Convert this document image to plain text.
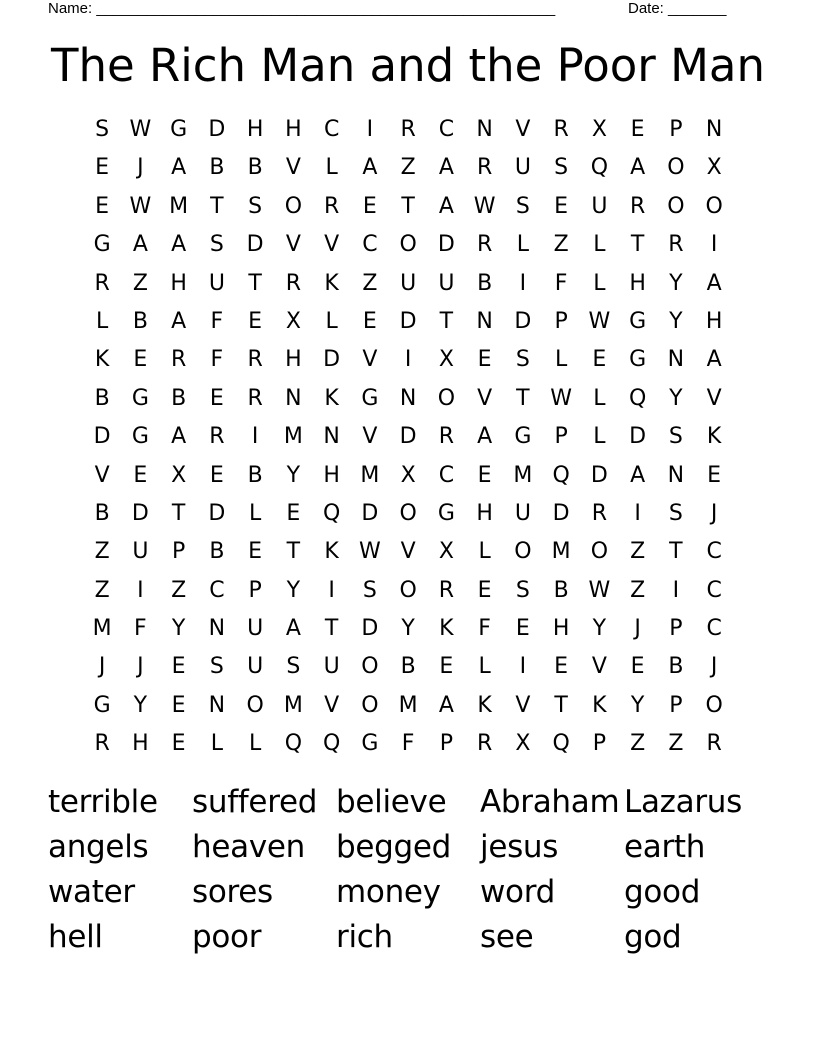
Name: _______________________________________________________	Date: _______
The Rich Man and the Poor Man
S W G D H H	C	I	R	C	N	V	R	X	E	P	N
E	J	A	B	B	V	L	A	Z	A	R	U	S	Q	A	O	X
E W M	T	S	O R	E	T	A W S	E	U	R O O
G	A	A	S	D	V	V	C O D	R	L	Z	L	T	R	I
R	Z	H U	T	R	K	Z	U	U	B	I	F	L	H	Y	A
L	B	A	F	E	X	L	E	D	T	N D	P W G	Y	H
K	E	R	F	R	H D	V	I	X	E	S	L	E	G N	A
B	G	B	E	R	N	K	G N O	V	T W L	Q	Y	V
D G	A	R	I	M N	V	D	R	A	G	P	L	D	S	K
V	E	X	E	B	Y	H M X	C	E M Q D	A	N	E
B	D	T	D	L	E	Q D O G H U D	R	I	S	J
Z	U	P	B	E	T	K W V	X	L	O M O	Z	T	C
Z	I	Z	C	P	Y	I	S	O R	E	S	B W Z	I	C
M	F	Y	N U	A	T	D	Y	K	F	E	H	Y	J	P	C
J	J	E	S	U	S	U O	B	E	L	I	E	V	E	B	J
G	Y	E	N O M V	O M A	K	V	T	K	Y	P	O
R	H	E	L	L	Q Q G	F	P	R	X	Q	P	Z	Z	R
terrible	suffered believe	Abraham Lazarus
angels	heaven	begged jesus	earth
water	sores	money	word	good
hell	poor	rich	see	god
